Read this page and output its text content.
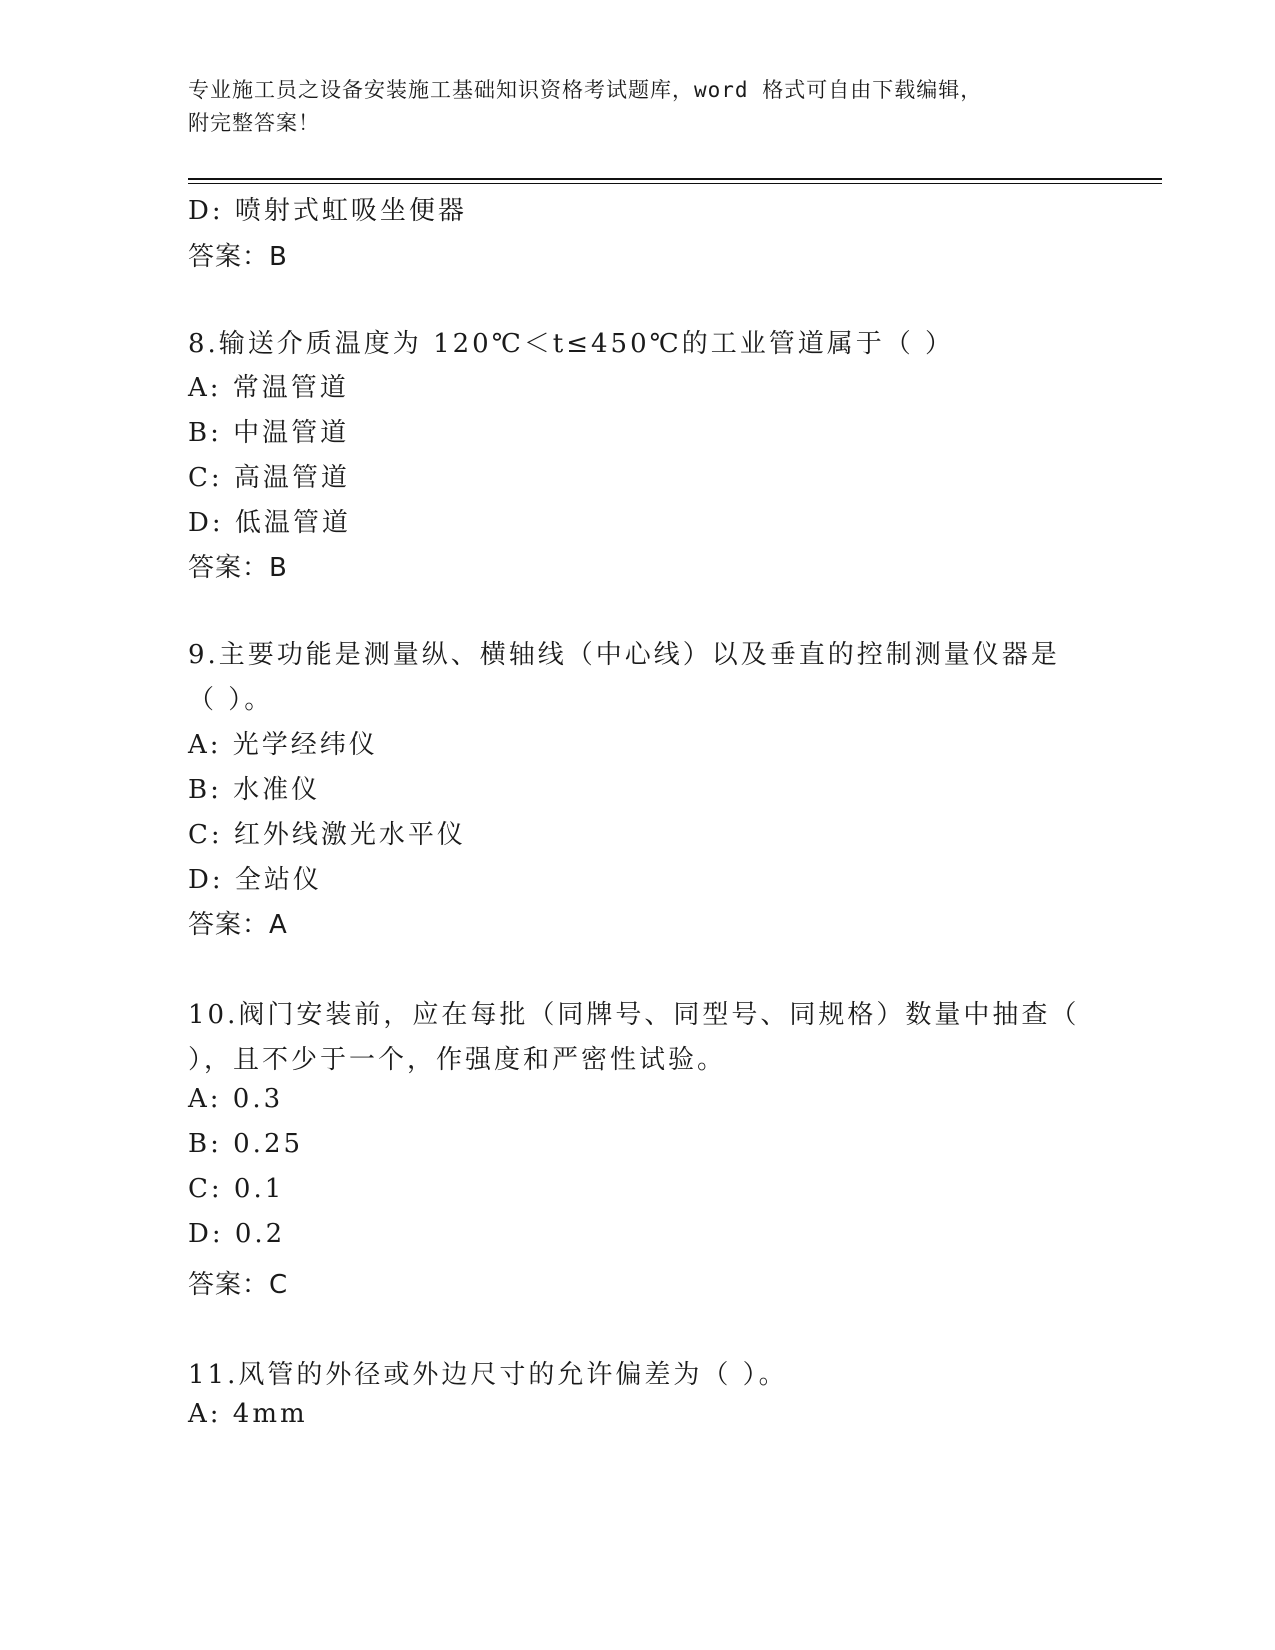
专业施工员之设备安装施工基础知识资格考试题库，word 格式可自由下载编辑，
附完整答案！
D: 喷射式虹吸坐便器
答案：B
8.输送介质温度为 120℃＜t≤450℃的工业管道属于（ ）
A: 常温管道
B: 中温管道
C: 高温管道
D: 低温管道
答案：B
9.主要功能是测量纵、横轴线（中心线）以及垂直的控制测量仪器是
（ ）。
A: 光学经纬仪
B: 水准仪
C: 红外线激光水平仪
D: 全站仪
答案：A
10.阀门安装前，应在每批（同牌号、同型号、同规格）数量中抽查（
），且不少于一个，作强度和严密性试验。
A: 0.3
B: 0.25
C: 0.1
D: 0.2
答案：C
11.风管的外径或外边尺寸的允许偏差为（ ）。
A: 4mm
